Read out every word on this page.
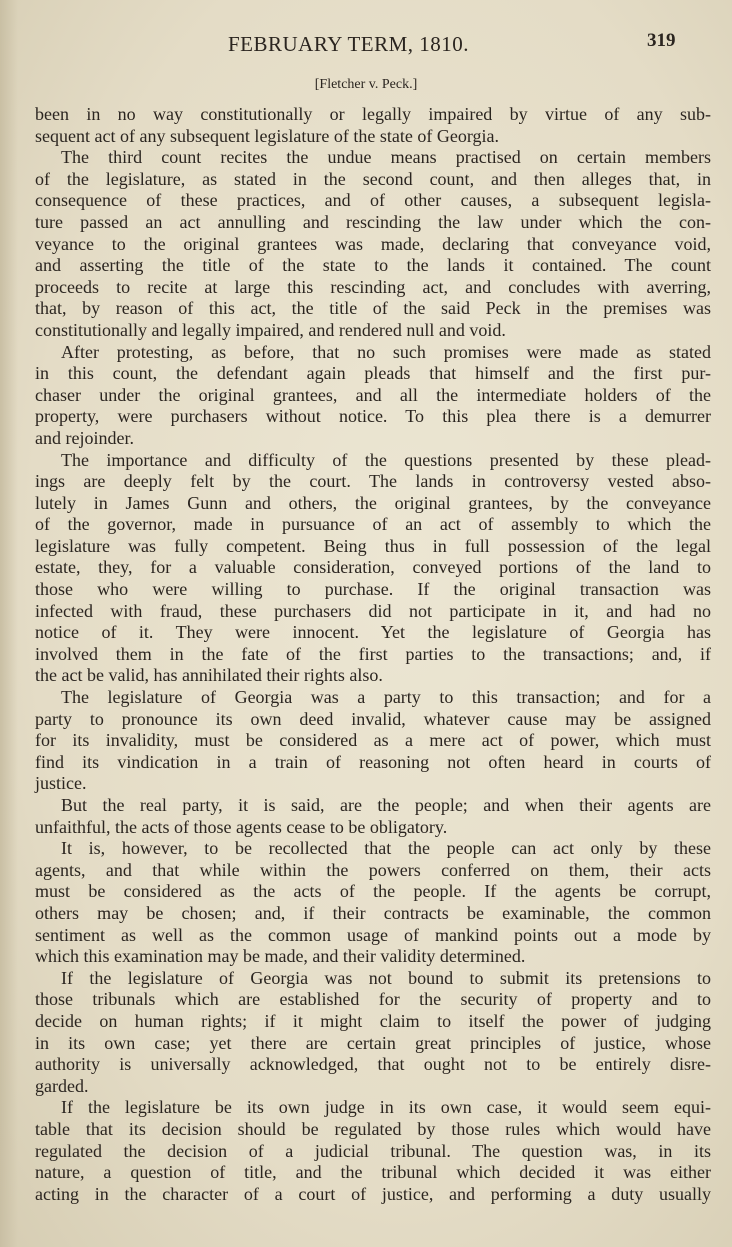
FEBRUARY TERM, 1810.	319
[Fletcher v. Peck.]
been in no way constitutionally or legally impaired by virtue of any sub-
sequent act of any subsequent legislature of the state of Georgia.
The third count recites the undue means practised on certain members
of the legislature, as stated in the second count, and then alleges that, in
consequence of these practices, and of other causes, a subsequent legisla-
ture passed an act annulling and rescinding the law under which the con-
veyance to the original grantees was made, declaring that conveyance void,
and asserting the title of the state to the lands it contained. The count
proceeds to recite at large this rescinding act, and concludes with averring,
that, by reason of this act, the title of the said Peck in the premises was
constitutionally and legally impaired, and rendered null and void.
After protesting, as before, that no such promises were made as stated
in this count, the defendant again pleads that himself and the first pur-
chaser under the original grantees, and all the intermediate holders of the
property, were purchasers without notice. To this plea there is a demurrer
and rejoinder.
The importance and difficulty of the questions presented by these plead-
ings are deeply felt by the court. The lands in controversy vested abso-
lutely in James Gunn and others, the original grantees, by the conveyance
of the governor, made in pursuance of an act of assembly to which the
legislature was fully competent. Being thus in full possession of the legal
estate, they, for a valuable consideration, conveyed portions of the land to
those who were willing to purchase. If the original transaction was
infected with fraud, these purchasers did not participate in it, and had no
notice of it. They were innocent. Yet the legislature of Georgia has
involved them in the fate of the first parties to the transactions; and, if
the act be valid, has annihilated their rights also.
The legislature of Georgia was a party to this transaction; and for a
party to pronounce its own deed invalid, whatever cause may be assigned
for its invalidity, must be considered as a mere act of power, which must
find its vindication in a train of reasoning not often heard in courts of
justice.
But the real party, it is said, are the people; and when their agents are
unfaithful, the acts of those agents cease to be obligatory.
It is, however, to be recollected that the people can act only by these
agents, and that while within the powers conferred on them, their acts
must be considered as the acts of the people. If the agents be corrupt,
others may be chosen; and, if their contracts be examinable, the common
sentiment as well as the common usage of mankind points out a mode by
which this examination may be made, and their validity determined.
If the legislature of Georgia was not bound to submit its pretensions to
those tribunals which are established for the security of property and to
decide on human rights; if it might claim to itself the power of judging
in its own case; yet there are certain great principles of justice, whose
authority is universally acknowledged, that ought not to be entirely disre-
garded.
If the legislature be its own judge in its own case, it would seem equi-
table that its decision should be regulated by those rules which would have
regulated the decision of a judicial tribunal. The question was, in its
nature, a question of title, and the tribunal which decided it was either
acting in the character of a court of justice, and performing a duty usually
